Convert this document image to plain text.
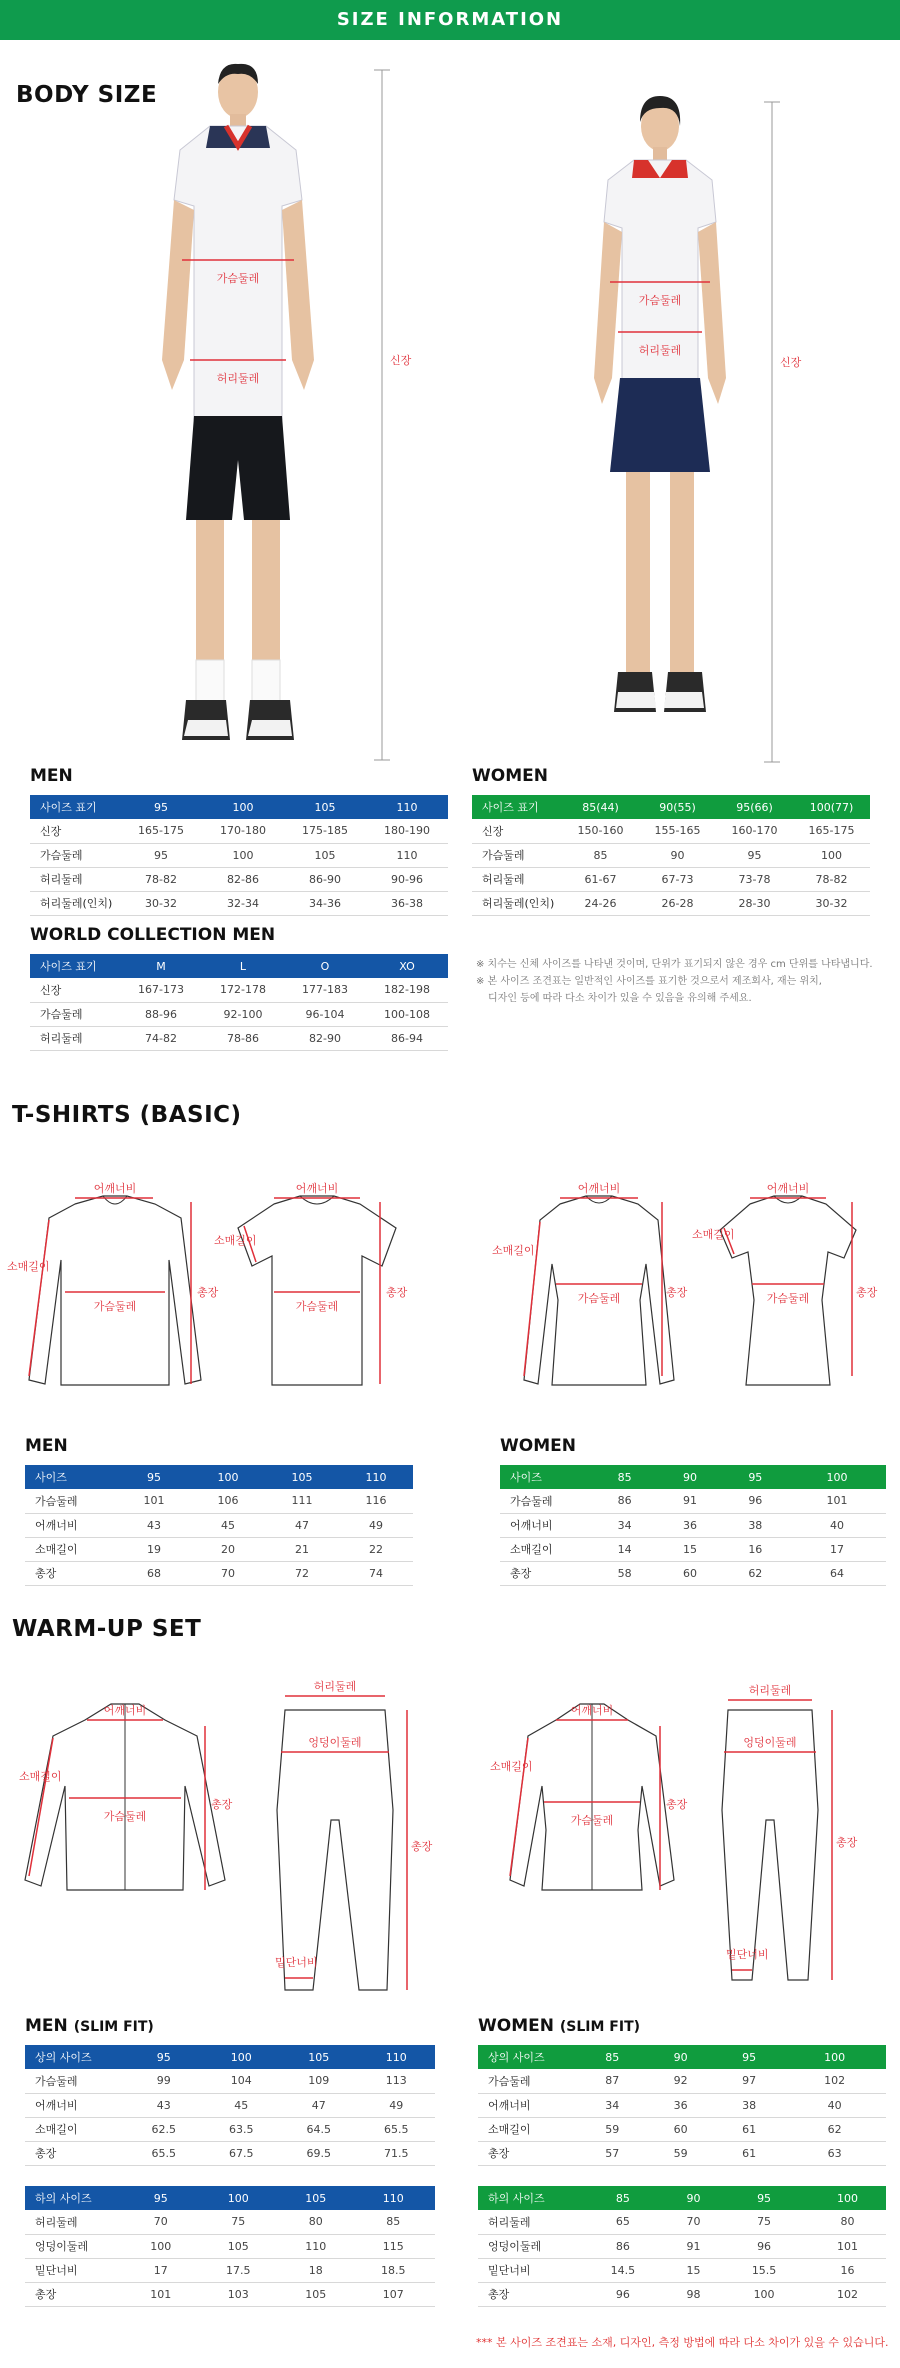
SIZE INFORMATION
BODY SIZE
가슴둘레
허리둘레
신장
가슴둘레
허리둘레
신장
MEN
사이즈 표기	95	100	105	110
신장	165-175	170-180	175-185	180-190
가슴둘레	95	100	105	110
허리둘레	78-82	82-86	86-90	90-96
허리둘레(인치)	30-32	32-34	34-36	36-38
WOMEN
사이즈 표기	85(44)	90(55)	95(66)	100(77)
신장	150-160	155-165	160-170	165-175
가슴둘레	85	90	95	100
허리둘레	61-67	67-73	73-78	78-82
허리둘레(인치)	24-26	26-28	28-30	30-32
WORLD COLLECTION MEN
사이즈 표기	M	L	O	XO
신장	167-173	172-178	177-183	182-198
가슴둘레	88-96	92-100	96-104	100-108
허리둘레	74-82	78-86	82-90	86-94
※ 치수는 신체 사이즈를 나타낸 것이며, 단위가 표기되지 않은 경우 cm 단위를 나타냅니다.
※ 본 사이즈 조견표는 일반적인 사이즈를 표기한 것으로서 제조회사, 재는 위치,
디자인 등에 따라 다소 차이가 있을 수 있음을 유의해 주세요.
T-SHIRTS (BASIC)
어깨너비
소매길이
가슴둘레
총장
어깨너비
소매길이
가슴둘레
총장
어깨너비
소매길이
가슴둘레	총장
어깨너비
소매길이
가슴둘레	총장
MEN
사이즈	95	100	105	110
가슴둘레	101	106	111	116
어깨너비	43	45	47	49
소매길이	19	20	21	22
총장	68	70	72	74
WOMEN
사이즈	85	90	95	100
가슴둘레	86	91	96	101
어깨너비	34	36	38	40
소매길이	14	15	16	17
총장	58	60	62	64
WARM-UP SET
어깨너비
소매길이
가슴둘레
총장
허리둘레
엉덩이둘레
밑단너비
총장
어깨너비
소매길이
가슴둘레
총장
허리둘레
엉덩이둘레
밑단너비
총장
MEN (SLIM FIT)
상의 사이즈	95	100	105	110
가슴둘레	99	104	109	113
어깨너비	43	45	47	49
소매길이	62.5	63.5	64.5	65.5
총장	65.5	67.5	69.5	71.5
하의 사이즈	95	100	105	110
허리둘레	70	75	80	85
엉덩이둘레	100	105	110	115
밑단너비	17	17.5	18	18.5
총장	101	103	105	107
WOMEN (SLIM FIT)
상의 사이즈	85	90	95	100
가슴둘레	87	92	97	102
어깨너비	34	36	38	40
소매길이	59	60	61	62
총장	57	59	61	63
하의 사이즈	85	90	95	100
허리둘레	65	70	75	80
엉덩이둘레	86	91	96	101
밑단너비	14.5	15	15.5	16
총장	96	98	100	102
*** 본 사이즈 조견표는 소재, 디자인, 측정 방법에 따라 다소 차이가 있을 수 있습니다.
